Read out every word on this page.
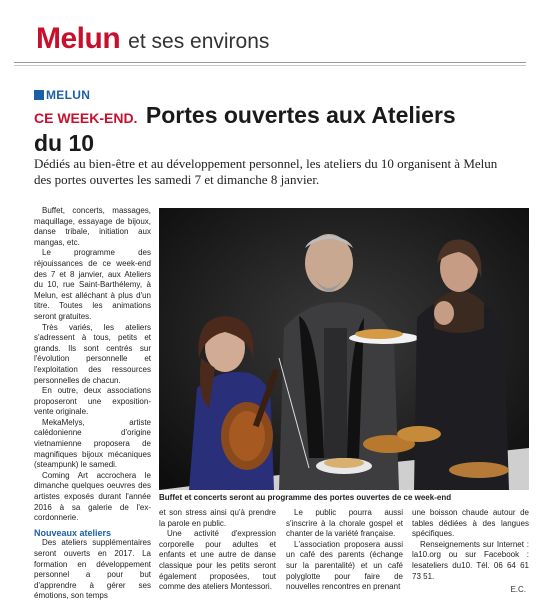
Melun et ses environs
MELUN
CE WEEK-END. Portes ouvertes aux Ateliers du 10
Dédiés au bien-être et au développement personnel, les ateliers du 10 organisent à Melun des portes ouvertes les samedi 7 et dimanche 8 janvier.

Buffet, concerts, massages, maquillage, essayage de bijoux, danse tribale, initiation aux mangas, etc.

Le programme des réjouissances de ce week-end des 7 et 8 janvier, aux Ateliers du 10, rue Saint-Barthélemy, à Melun, est alléchant à plus d'un titre. Toutes les animations seront gratuites.

Très variés, les ateliers s'adressent à tous, petits et grands. Ils sont centrés sur l'évolution personnelle et l'exploitation des ressources personnelles de chacun.

En outre, deux associations proposeront une exposition-vente originale.

MekaMelys, artiste calédonienne d'origine vietnamienne proposera de magnifiques bijoux mécaniques (steampunk) le samedi.

Coming Art accrochera le dimanche quelques oeuvres des artistes exposés durant l'année 2016 à sa galerie de l'ex-cordonnerie.

Nouveaux ateliers

Des ateliers supplémentaires seront ouverts en 2017. La formation en développement personnel a pour but d'apprendre à gérer ses émotions, son temps

Buffet et concerts seront au programme des portes ouvertes de ce week-end

et son stress ainsi qu'à prendre la parole en public.

Une activité d'expression corporelle pour adultes et enfants et une autre de danse classique pour les petits seront également proposées, tout comme des ateliers Montessori.

Le public pourra aussi s'inscrire à la chorale gospel et chanter de la variété française.

L'association proposera aussi un café des parents (échange sur la parentalité) et un café polyglotte pour faire de nouvelles rencontres en prenant

une boisson chaude autour de tables dédiées à des langues spécifiques.

Renseignements sur Internet : la10.org ou sur Facebook : lesateliers du10. Tél. 06 64 61 73 51.

E.C.
